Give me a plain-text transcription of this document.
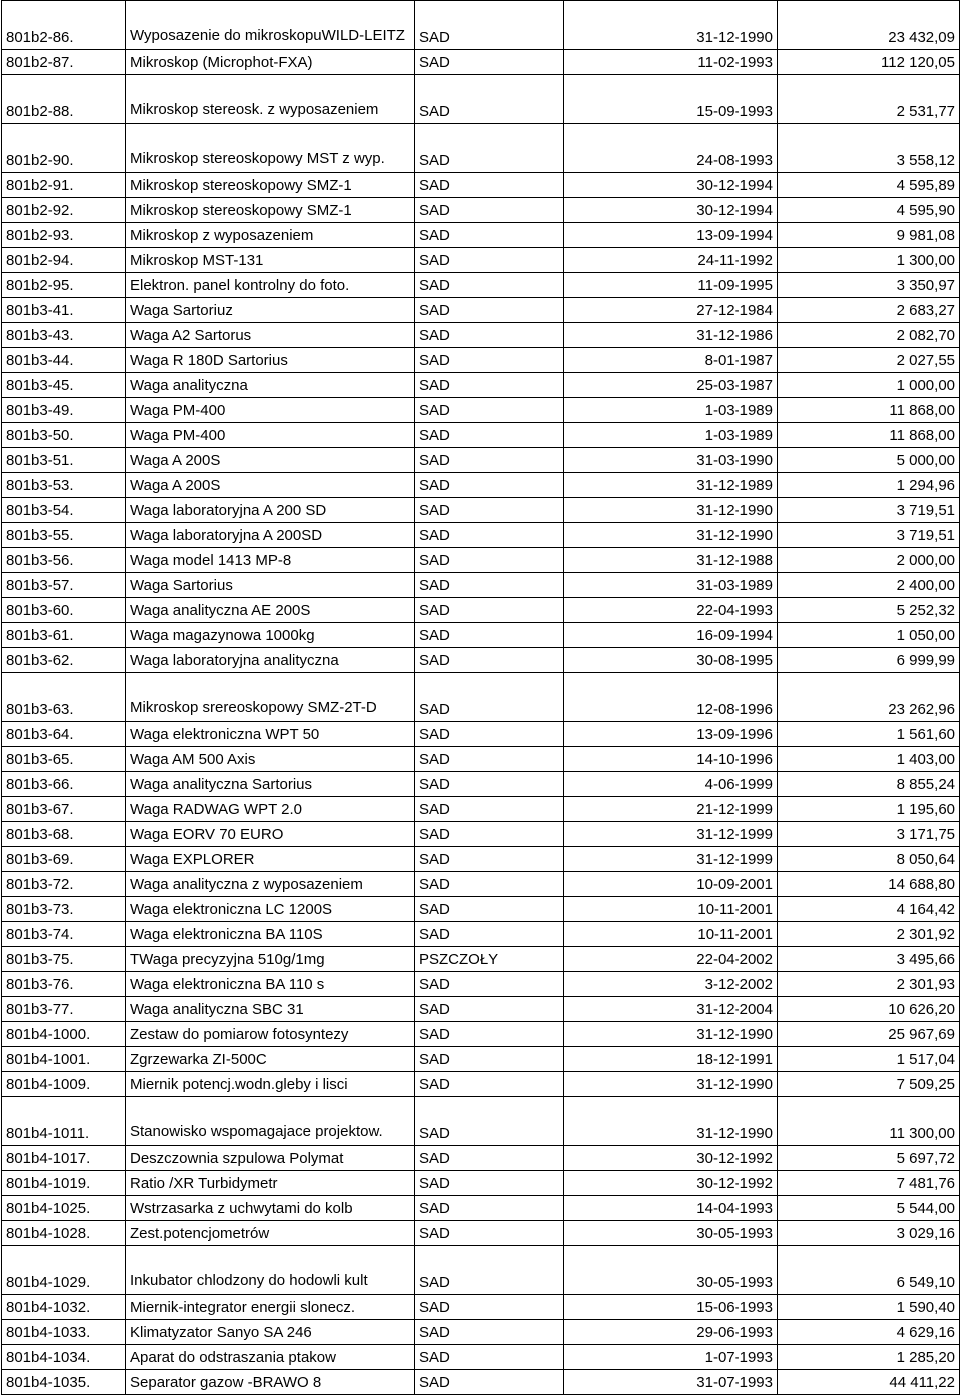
801b2-86.	Wyposazenie do mikroskopuWILD-LEITZ	SAD	31-12-1990	23 432,09
801b2-87.	Mikroskop (Microphot-FXA)	SAD	11-02-1993	112 120,05
801b2-88.	Mikroskop stereosk. z wyposazeniem	SAD	15-09-1993	2 531,77
801b2-90.	Mikroskop stereoskopowy MST z wyp.	SAD	24-08-1993	3 558,12
801b2-91.	Mikroskop stereoskopowy SMZ-1	SAD	30-12-1994	4 595,89
801b2-92.	Mikroskop stereoskopowy SMZ-1	SAD	30-12-1994	4 595,90
801b2-93.	Mikroskop z wyposazeniem	SAD	13-09-1994	9 981,08
801b2-94.	Mikroskop MST-131	SAD	24-11-1992	1 300,00
801b2-95.	Elektron. panel kontrolny do foto.	SAD	11-09-1995	3 350,97
801b3-41.	Waga Sartoriuz	SAD	27-12-1984	2 683,27
801b3-43.	Waga A2 Sartorus	SAD	31-12-1986	2 082,70
801b3-44.	Waga R 180D Sartorius	SAD	8-01-1987	2 027,55
801b3-45.	Waga analityczna	SAD	25-03-1987	1 000,00
801b3-49.	Waga PM-400	SAD	1-03-1989	11 868,00
801b3-50.	Waga PM-400	SAD	1-03-1989	11 868,00
801b3-51.	Waga A 200S	SAD	31-03-1990	5 000,00
801b3-53.	Waga A 200S	SAD	31-12-1989	1 294,96
801b3-54.	Waga laboratoryjna A 200 SD	SAD	31-12-1990	3 719,51
801b3-55.	Waga laboratoryjna A 200SD	SAD	31-12-1990	3 719,51
801b3-56.	Waga model 1413 MP-8	SAD	31-12-1988	2 000,00
801b3-57.	Waga Sartorius	SAD	31-03-1989	2 400,00
801b3-60.	Waga analityczna AE 200S	SAD	22-04-1993	5 252,32
801b3-61.	Waga magazynowa 1000kg	SAD	16-09-1994	1 050,00
801b3-62.	Waga laboratoryjna analityczna	SAD	30-08-1995	6 999,99
801b3-63.	Mikroskop srereoskopowy SMZ-2T-D	SAD	12-08-1996	23 262,96
801b3-64.	Waga elektroniczna WPT 50	SAD	13-09-1996	1 561,60
801b3-65.	Waga AM 500 Axis	SAD	14-10-1996	1 403,00
801b3-66.	Waga analityczna Sartorius	SAD	4-06-1999	8 855,24
801b3-67.	Waga RADWAG WPT 2.0	SAD	21-12-1999	1 195,60
801b3-68.	Waga EORV 70 EURO	SAD	31-12-1999	3 171,75
801b3-69.	Waga EXPLORER	SAD	31-12-1999	8 050,64
801b3-72.	Waga analityczna z wyposazeniem	SAD	10-09-2001	14 688,80
801b3-73.	Waga elektroniczna LC 1200S	SAD	10-11-2001	4 164,42
801b3-74.	Waga elektroniczna BA 110S	SAD	10-11-2001	2 301,92
801b3-75.	TWaga precyzyjna 510g/1mg	PSZCZOŁY	22-04-2002	3 495,66
801b3-76.	Waga elektroniczna BA 110 s	SAD	3-12-2002	2 301,93
801b3-77.	Waga analityczna SBC 31	SAD	31-12-2004	10 626,20
801b4-1000.	Zestaw do pomiarow fotosyntezy	SAD	31-12-1990	25 967,69
801b4-1001.	Zgrzewarka ZI-500C	SAD	18-12-1991	1 517,04
801b4-1009.	Miernik potencj.wodn.gleby i lisci	SAD	31-12-1990	7 509,25
801b4-1011.	Stanowisko wspomagajace projektow.	SAD	31-12-1990	11 300,00
801b4-1017.	Deszczownia szpulowa Polymat	SAD	30-12-1992	5 697,72
801b4-1019.	Ratio /XR Turbidymetr	SAD	30-12-1992	7 481,76
801b4-1025.	Wstrzasarka z uchwytami do kolb	SAD	14-04-1993	5 544,00
801b4-1028.	Zest.potencjometrów	SAD	30-05-1993	3 029,16
801b4-1029.	Inkubator chlodzony do hodowli kult	SAD	30-05-1993	6 549,10
801b4-1032.	Miernik-integrator energii slonecz.	SAD	15-06-1993	1 590,40
801b4-1033.	Klimatyzator Sanyo SA 246	SAD	29-06-1993	4 629,16
801b4-1034.	Aparat do odstraszania ptakow	SAD	1-07-1993	1 285,20
801b4-1035.	Separator gazow -BRAWO 8	SAD	31-07-1993	44 411,22
